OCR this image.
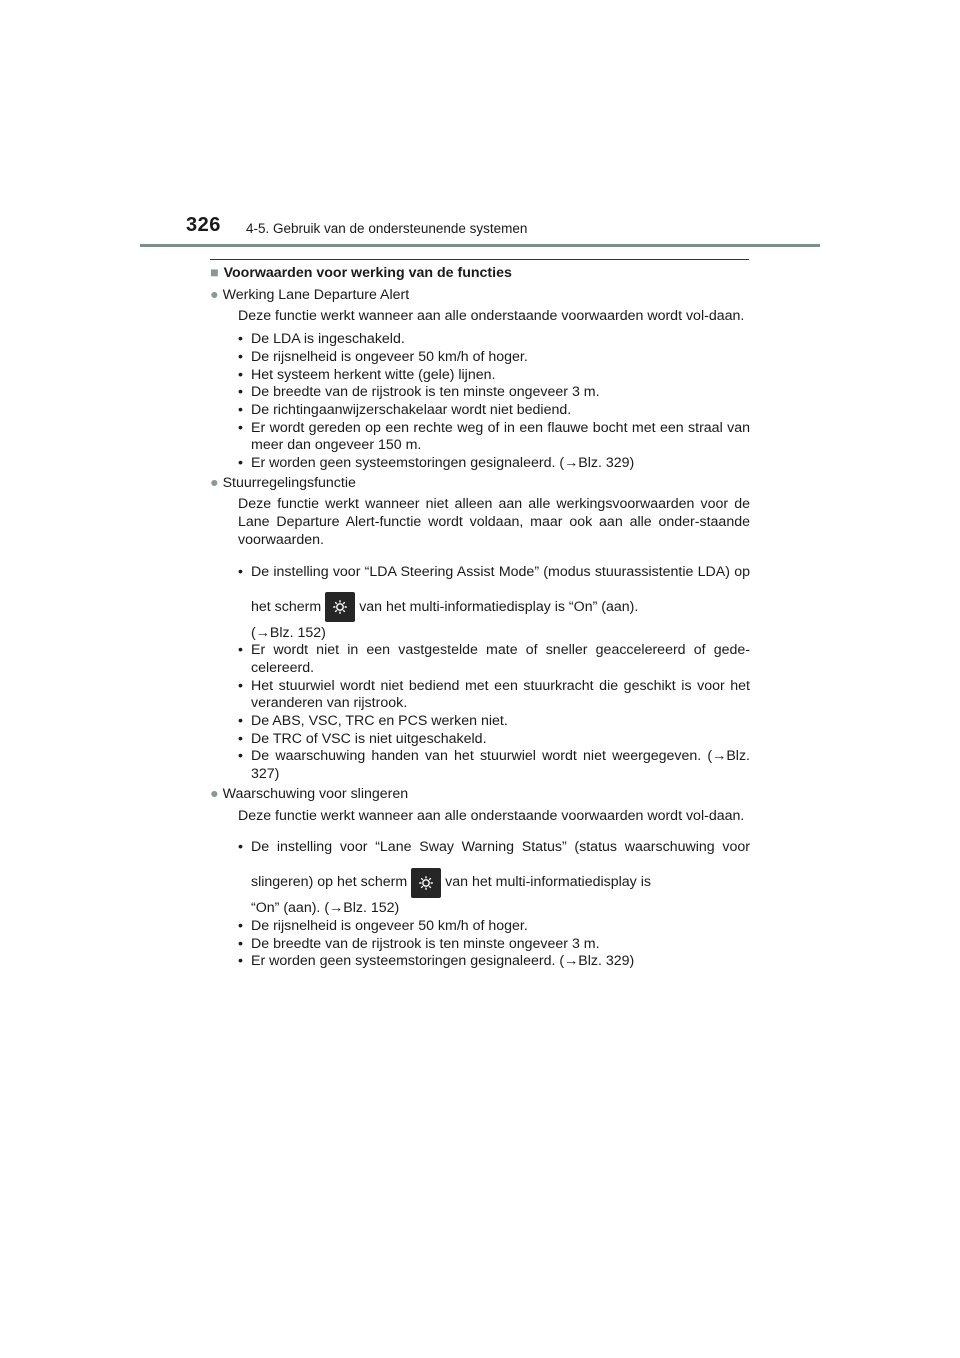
326 4-5. Gebruik van de ondersteunende systemen

■ Voorwaarden voor werking van de functies

● Werking Lane Departure Alert

Deze functie werkt wanneer aan alle onderstaande voorwaarden wordt vol-daan.

• De LDA is ingeschakeld.
• De rijsnelheid is ongeveer 50 km/h of hoger.
• Het systeem herkent witte (gele) lijnen.
• De breedte van de rijstrook is ten minste ongeveer 3 m.
• De richtingaanwijzerschakelaar wordt niet bediend.
• Er wordt gereden op een rechte weg of in een flauwe bocht met een straal van meer dan ongeveer 150 m.
• Er worden geen systeemstoringen gesignaleerd. (→Blz. 329)

● Stuurregelingsfunctie

Deze functie werkt wanneer niet alleen aan alle werkingsvoorwaarden voor de Lane Departure Alert-functie wordt voldaan, maar ook aan alle onder-staande voorwaarden.

• De instelling voor “LDA Steering Assist Mode” (modus stuurassistentie LDA) op het scherm	van het multi-informatiedisplay is “On” (aan).
(→Blz. 152)
• Er wordt niet in een vastgestelde mate of sneller geaccelereerd of gede-celereerd.
• Het stuurwiel wordt niet bediend met een stuurkracht die geschikt is voor het veranderen van rijstrook.
• De ABS, VSC, TRC en PCS werken niet.
• De TRC of VSC is niet uitgeschakeld.
• De waarschuwing handen van het stuurwiel wordt niet weergegeven. (→Blz. 327)

● Waarschuwing voor slingeren

Deze functie werkt wanneer aan alle onderstaande voorwaarden wordt vol-daan.

• De instelling voor “Lane Sway Warning Status” (status waarschuwing voor slingeren) op het scherm	van het multi-informatiedisplay is
“On” (aan). (→Blz. 152)
• De rijsnelheid is ongeveer 50 km/h of hoger.
• De breedte van de rijstrook is ten minste ongeveer 3 m.
• Er worden geen systeemstoringen gesignaleerd. (→Blz. 329)
